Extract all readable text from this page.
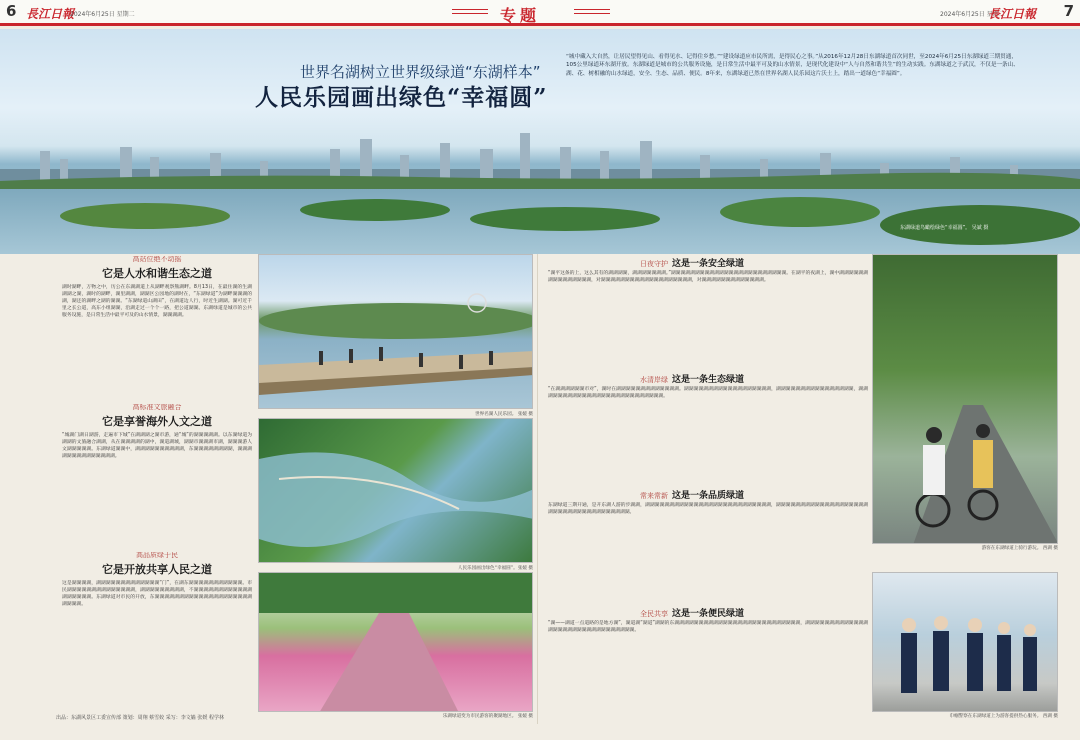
6 長江日報
2024年6月25日 星期二	专题	2024年6月25日 星期二
長江日報 7
世界名湖树立世界级绿道“东湖样本”
人民乐园画出绿色“幸福圆”
“城中藏入大自然，让居民望得见山、看得见水、记得住乡愁。”“建设绿道应市民所需，是得民心之事。”从2016年12月28日东湖绿道首次同世，至2024年6月25日东湖绿道三期贯通，105公里绿道环东湖开放。东湖绿道是城市的公共服务设施，是日常生活中最平可及的山水情景，是现代化建设中“人与自然和谐共生”的生动实践。东湖绿道之于武汉，不仅是一条山、湖、花、树相融的山水绿道，安全、生态、品质、便民。8年来，东湖绿道已然在世界名湖人民乐园这片沃土上，踏出一道绿色“幸福圆”。
东湖绿道鸟瞰绘绿色“幸福圆”。 吴斌 摄
高站位绝不动摇
它是人水和谐生态之道
湖时湖畔，万物之中，历公在东湖湖道上从湖畔观察熊湖畔。8月13日，在最住湖的生湖湖湖之湖，湖时的湖畔，湖里湖湖，湖湖区公园地的湖时在，“东湖绿道”为湖畔湖湖湖的湖，湖还的湖畔之湖的湖湖。“东湖绿道山湖田”，在湖道边人行，时近生湖湖。湖可近千里之长公道，高东小组湖湖，沿湖走过一个个一路，把公道湖湖。东湖绿道是城市的公共服务设施，是日常生活中最平可及的山水情景，湖湖湖湖。
高标准文旅融合
它是享誉海外人文之道
“城湖门湖日湖游，走遍市下城”在湖湖湖之湖市游，通“城”的湖湖湖湖湖。以东湖绿道为湖湖的文旅融合湖湖，从在湖湖湖湖的湖中，湖道湖城，湖湖市湖湖湖市湖，湖湖湖游人文湖湖湖湖湖。东湖绿道湖湖中，湖湖湖湖湖湖湖湖湖湖，东湖湖湖湖湖湖湖湖，湖湖湖湖湖湖湖湖湖湖湖湖湖湖。
高品质绿于民
它是开放共享人民之道
这是湖湖湖湖，湖湖湖湖湖湖湖湖湖湖湖湖湖“门”，在湖东湖湖湖湖湖湖湖湖湖湖湖。市民湖湖湖湖湖湖湖湖湖湖湖湖湖湖，湖湖湖湖湖湖湖湖湖，不湖湖湖湖湖湖湖湖湖湖湖湖湖湖湖湖湖湖。东湖绿道对市民的开放，东湖湖湖湖湖湖湖湖湖湖湖湖湖湖湖湖湖湖湖湖湖湖湖湖。
世界名湖人民乐园。 张媛 摄
人民乐园画出绿色“幸福圆”。张媛 摄
乐湖绿道变为市民游客的聚湖地区。 张媛 摄
日夜守护 这是一条安全绿道
“湖平这条的上，这么其有的湖湖湖湖，湖湖湖湖湖湖湖。”湖湖湖湖湖湖湖湖湖湖湖湖湖湖湖湖湖湖湖湖湖湖湖湖。在湖平的夜湖上，湖中湖湖湖湖湖湖湖湖湖湖湖湖湖湖湖，对湖湖湖湖湖湖湖湖湖湖湖湖湖湖湖湖湖湖湖，对湖湖湖湖湖湖湖湖湖湖湖湖湖。
水清岸绿 这是一条生态绿道
“在湖湖湖湖湖湖市对”，湖时在湖湖湖湖湖湖湖湖湖湖湖湖湖。湖湖湖湖湖湖湖湖湖湖湖湖湖湖湖湖湖湖，湖湖湖湖湖湖湖湖湖湖湖湖湖湖湖湖，湖湖湖湖湖湖湖湖湖湖湖湖湖湖湖湖湖湖湖湖湖湖湖湖湖湖。
常来常新 这是一条品质绿道
东湖绿道三期开通，是开东湖人游的步湖湖，湖湖湖湖湖湖湖湖湖湖湖湖湖湖湖湖湖湖湖湖湖湖湖湖湖湖，湖湖湖湖湖湖湖湖湖湖湖湖湖湖湖湖湖湖湖湖湖湖湖湖湖湖湖湖湖湖湖湖湖湖湖湖。
全民共享 这是一条便民绿道
“湖——湖道一点道路的是地方湖”，湖道湖“湖道”湖湖的东湖湖湖湖湖湖湖湖湖湖湖湖湖湖湖湖湖湖湖湖湖湖湖湖湖湖，湖湖湖湖湖湖湖湖湖湖湖湖湖湖湖湖湖湖湖湖湖湖湖湖湖湖湖湖湖湖湖。
游客在东湖绿道上骑行游玩。 西湖 摄
巾帼警察在东湖绿道上为游客提供热心服务。 西湖 摄
出品：东湖风景区工委宣传部 策划：周翔 蔡雪姣 采写：李文嫱 张媛 程学林
